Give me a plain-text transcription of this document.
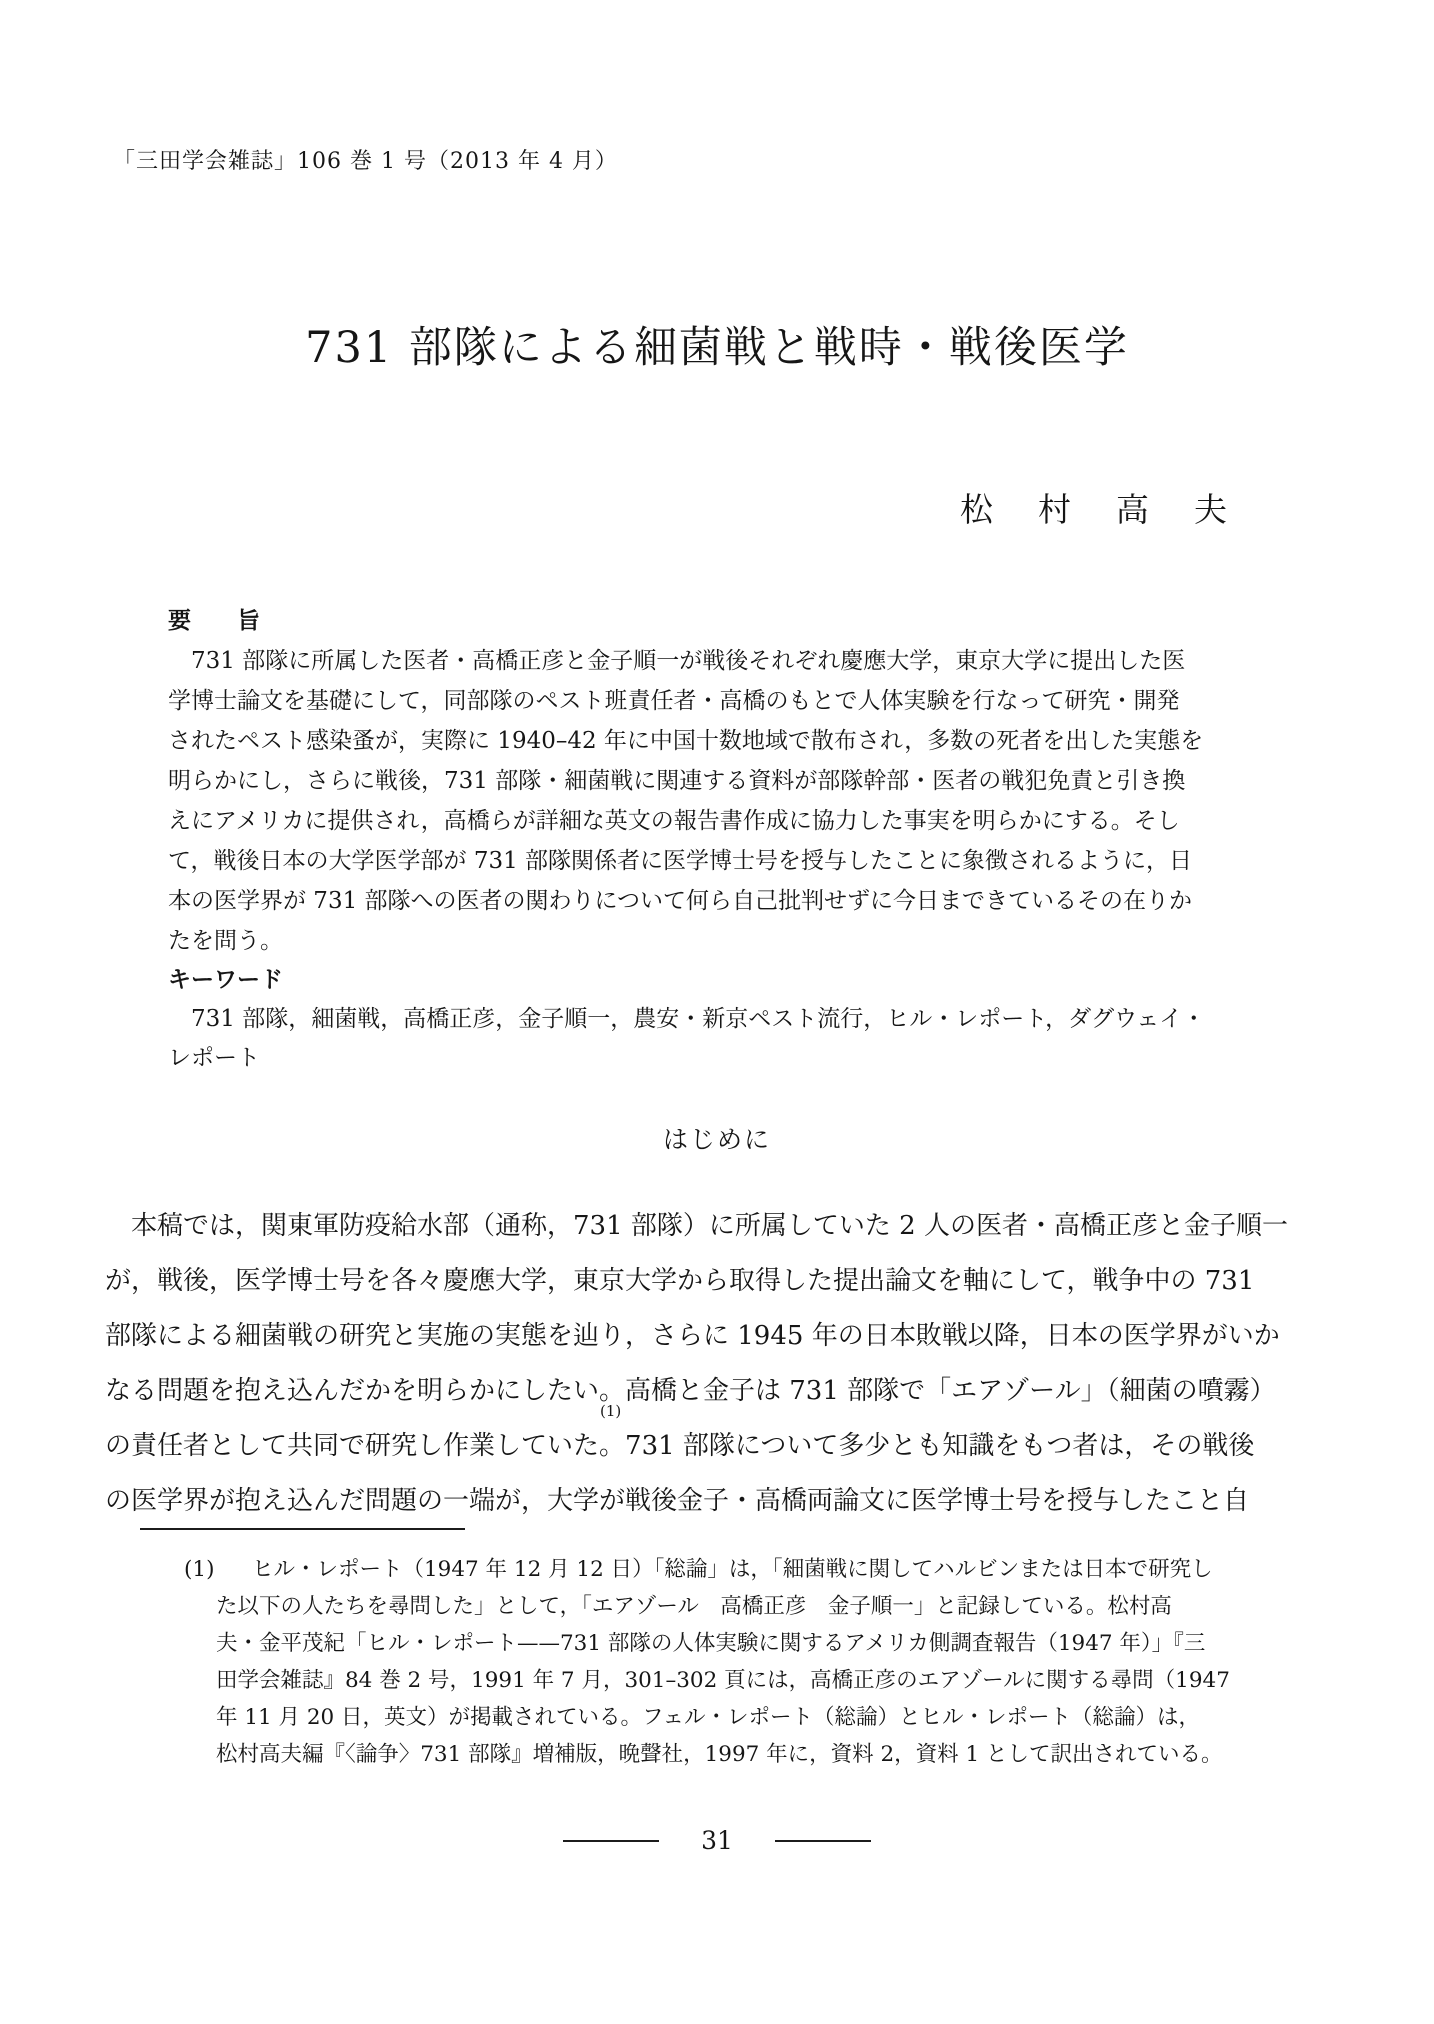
「三田学会雑誌」106 巻 1 号（2013 年 4 月）
731 部隊による細菌戦と戦時・戦後医学
松　村　高　夫
要　　旨
731 部隊に所属した医者・高橋正彦と金子順一が戦後それぞれ慶應大学，東京大学に提出した医
学博士論文を基礎にして，同部隊のペスト班責任者・高橋のもとで人体実験を行なって研究・開発
されたペスト感染蚤が，実際に 1940–42 年に中国十数地域で散布され，多数の死者を出した実態を
明らかにし，さらに戦後，731 部隊・細菌戦に関連する資料が部隊幹部・医者の戦犯免責と引き換
えにアメリカに提供され，高橋らが詳細な英文の報告書作成に協力した事実を明らかにする。そし
て，戦後日本の大学医学部が 731 部隊関係者に医学博士号を授与したことに象徴されるように，日
本の医学界が 731 部隊への医者の関わりについて何ら自己批判せずに今日まできているその在りか
たを問う。
キーワード
731 部隊，細菌戦，高橋正彦，金子順一，農安・新京ペスト流行，ヒル・レポート，ダグウェイ・
レポート
はじめに
本稿では，関東軍防疫給水部（通称，731 部隊）に所属していた 2 人の医者・高橋正彦と金子順一
が，戦後，医学博士号を各々慶應大学，東京大学から取得した提出論文を軸にして，戦争中の 731
部隊による細菌戦の研究と実施の実態を辿り，さらに 1945 年の日本敗戦以降，日本の医学界がいか
なる問題を抱え込んだかを明らかにしたい。高橋と金子は 731 部隊で「エアゾール」（細菌の噴霧）
の責任者として共同で研究し作業していた
(1)
。731 部隊について多少とも知識をもつ者は，その戦後
の医学界が抱え込んだ問題の一端が，大学が戦後金子・高橋両論文に医学博士号を授与したこと自
(1) ヒル・レポート（1947 年 12 月 12 日）「総論」は，「細菌戦に関してハルビンまたは日本で研究し
た以下の人たちを尋問した」として，「エアゾール　高橋正彦　金子順一」と記録している。松村高
夫・金平茂紀「ヒル・レポート——731 部隊の人体実験に関するアメリカ側調査報告（1947 年）」『三
田学会雑誌』84 巻 2 号，1991 年 7 月，301–302 頁には，高橋正彦のエアゾールに関する尋問（1947
年 11 月 20 日，英文）が掲載されている。フェル・レポート（総論）とヒル・レポート（総論）は，
松村高夫編『〈論争〉731 部隊』増補版，晩聲社，1997 年に，資料 2，資料 1 として訳出されている。
31
